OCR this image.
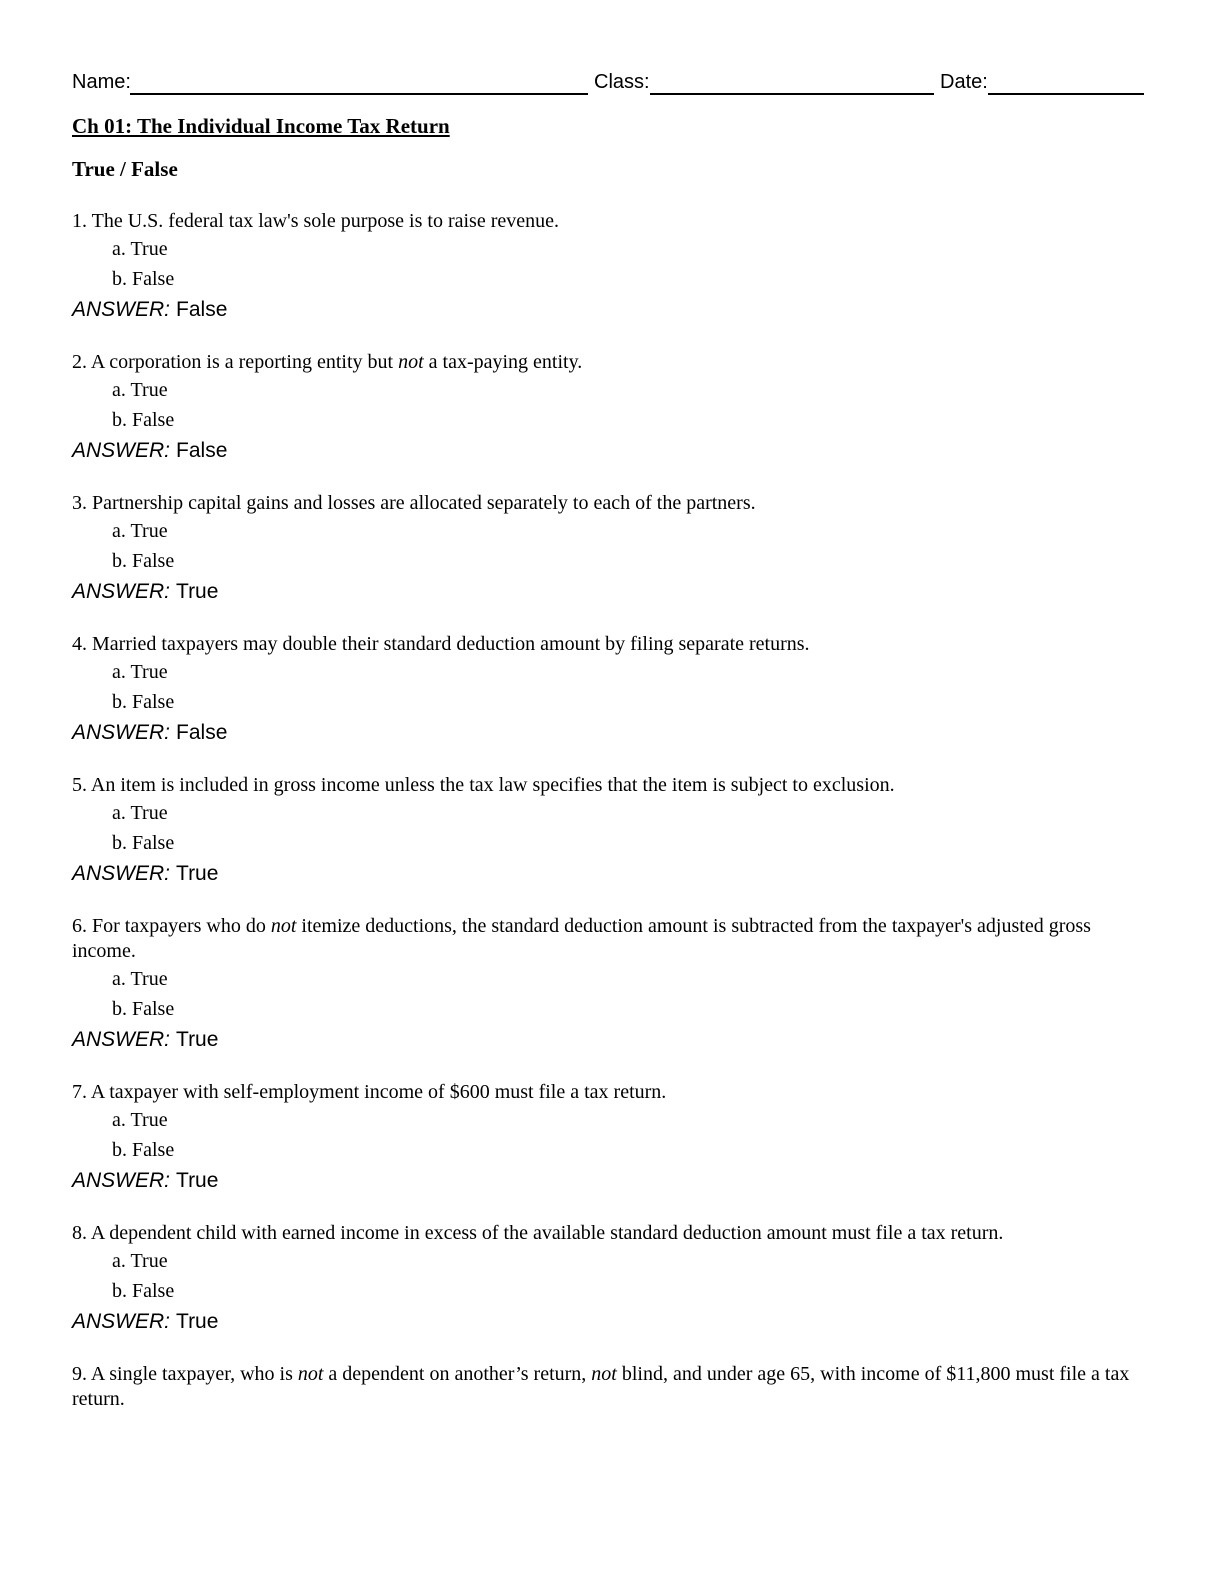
Name:	Class:	Date:
Ch 01: The Individual Income Tax Return
True / False
1. The U.S. federal tax law's sole purpose is to raise revenue.
a. True
b. False
ANSWER: False
2. A corporation is a reporting entity but not a tax-paying entity.
a. True
b. False
ANSWER: False
3. Partnership capital gains and losses are allocated separately to each of the partners.
a. True
b. False
ANSWER: True
4. Married taxpayers may double their standard deduction amount by filing separate returns.
a. True
b. False
ANSWER: False
5. An item is included in gross income unless the tax law specifies that the item is subject to exclusion.
a. True
b. False
ANSWER: True
6. For taxpayers who do not itemize deductions, the standard deduction amount is subtracted from the taxpayer's adjusted gross income.
a. True
b. False
ANSWER: True
7. A taxpayer with self-employment income of $600 must file a tax return.
a. True
b. False
ANSWER: True
8. A dependent child with earned income in excess of the available standard deduction amount must file a tax return.
a. True
b. False
ANSWER: True
9. A single taxpayer, who is not a dependent on another’s return, not blind, and under age 65, with income of $11,800 must file a tax return.
